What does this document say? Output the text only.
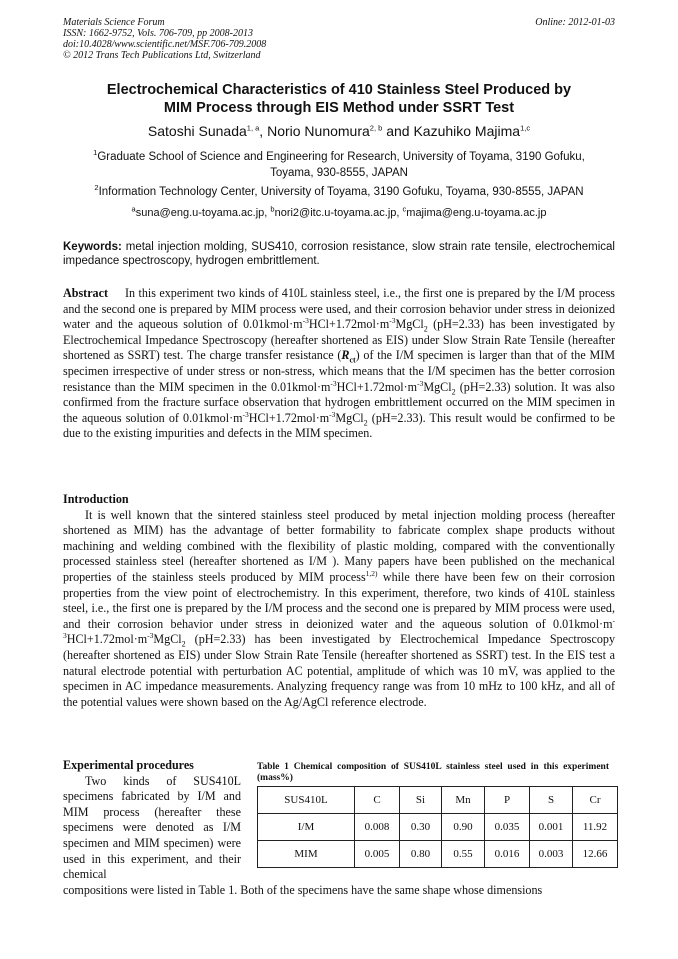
Materials Science Forum
ISSN: 1662-9752, Vols. 706-709, pp 2008-2013
doi:10.4028/www.scientific.net/MSF.706-709.2008
© 2012 Trans Tech Publications Ltd, Switzerland
Online: 2012-01-03
Electrochemical Characteristics of 410 Stainless Steel Produced by
MIM Process through EIS Method under SSRT Test
Satoshi Sunada$^{1, a}$, Norio Nunomura$^{2, b}$ and Kazuhiko Majima$^{1,c}$
$^1$Graduate School of Science and Engineering for Research, University of Toyama, 3190 Gofuku,
Toyama, 930-8555, JAPAN
$^2$Information Technology Center, University of Toyama, 3190 Gofuku, Toyama, 930-8555, JAPAN
$^a$suna@eng.u-toyama.ac.jp, $^b$nori2@itc.u-toyama.ac.jp, $^c$majima@eng.u-toyama.ac.jp
Keywords: metal injection molding, SUS410, corrosion resistance, slow strain rate tensile, electrochemical impedance spectroscopy, hydrogen embrittlement.

Abstract In this experiment two kinds of 410L stainless steel, i.e., the first one is prepared by the I/M process and the second one is prepared by MIM process were used, and their corrosion behavior under stress in deionized water and the aqueous solution of $0.01kmol\cdot m^{-3}HCl+1.72mol\cdot m^{-3}MgCl_2$ (pH=2.33) has been investigated by Electrochemical Impedance Spectroscopy (hereafter shortened as EIS) under Slow Strain Rate Tensile (hereafter shortened as SSRT) test. The charge transfer resistance $(R_{ct})$ of the I/M specimen is larger than that of the MIM specimen irrespective of under stress or non-stress, which means that the I/M specimen has the better corrosion resistance than the MIM specimen in the $0.01kmol\cdot m^{-3}HCl+1.72mol\cdot m^{-3}MgCl_2$ (pH=2.33) solution. It was also confirmed from the fracture surface observation that hydrogen embrittlement occurred on the MIM specimen in the aqueous solution of $0.01kmol\cdot m^{-3}HCl+1.72mol\cdot m^{-3}MgCl_2$ (pH=2.33). This result would be confirmed to be due to the existing impurities and defects in the MIM specimen.

Introduction

It is well known that the sintered stainless steel produced by metal injection molding process (hereafter shortened as MIM) has the advantage of better formability to fabricate complex shape products without machining and welding combined with the flexibility of plastic molding, compared with the conventionally processed stainless steel (hereafter shortened as I/M ). Many papers have been published on the mechanical properties of the stainless steels produced by MIM process$^{1,2)}$ while there have been few on their corrosion properties from the view point of electrochemistry. In this experiment, therefore, two kinds of 410L stainless steel, i.e., the first one is prepared by the I/M process and the second one is prepared by MIM process were used, and their corrosion behavior under stress in deionized water and the aqueous solution of $0.01kmol\cdot m^{-3}HCl+1.72mol\cdot m^{-3}MgCl_2$ (pH=2.33) has been investigated by Electrochemical Impedance Spectroscopy (hereafter shortened as EIS) under Slow Strain Rate Tensile (hereafter shortened as SSRT) test. In the EIS test a natural electrode potential with perturbation AC potential, amplitude of which was 10 mV, was applied to the specimen in AC impedance measurements. Analyzing frequency range was from 10 mHz to 100 kHz, and all of the potential values were shown based on the Ag/AgCl reference electrode.

Experimental procedures

Two kinds of SUS410L specimens fabricated by I/M and MIM process (hereafter these specimens were denoted as I/M specimen and MIM specimen) were used in this experiment, and their chemical

compositions were listed in Table 1. Both of the specimens have the same shape whose dimensions
Table 1 Chemical composition of SUS410L stainless steel used in this experiment (mass%)
SUS410L	C	Si	Mn	P	S	Cr
I/M	0.008	0.30	0.90	0.035	0.001	11.92
MIM	0.005	0.80	0.55	0.016	0.003	12.66
